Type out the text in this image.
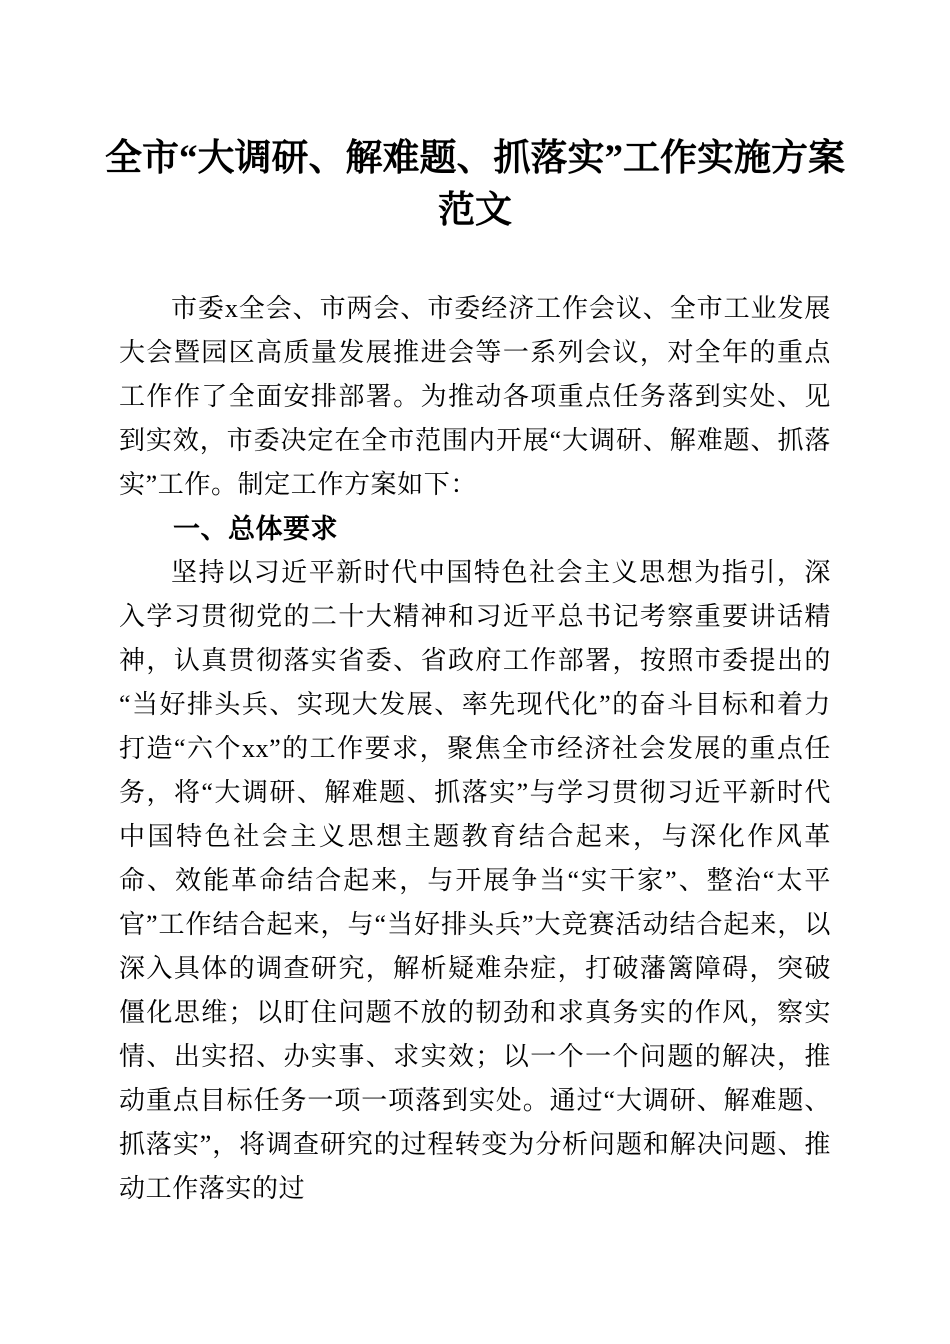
全市“大调研、解难题、抓落实”工作实施方案范文

市委x全会、市两会、市委经济工作会议、全市工业发展大会暨园区高质量发展推进会等一系列会议，对全年的重点工作作了全面安排部署。为推动各项重点任务落到实处、见到实效，市委决定在全市范围内开展“大调研、解难题、抓落实”工作。制定工作方案如下：

一、总体要求

坚持以习近平新时代中国特色社会主义思想为指引，深入学习贯彻党的二十大精神和习近平总书记考察重要讲话精神，认真贯彻落实省委、省政府工作部署，按照市委提出的“当好排头兵、实现大发展、率先现代化”的奋斗目标和着力打造“六个xx”的工作要求，聚焦全市经济社会发展的重点任务，将“大调研、解难题、抓落实”与学习贯彻习近平新时代中国特色社会主义思想主题教育结合起来，与深化作风革命、效能革命结合起来，与开展争当“实干家”、整治“太平官”工作结合起来，与“当好排头兵”大竞赛活动结合起来，以深入具体的调查研究，解析疑难杂症，打破藩篱障碍，突破僵化思维；以盯住问题不放的韧劲和求真务实的作风，察实情、出实招、办实事、求实效；以一个一个问题的解决，推动重点目标任务一项一项落到实处。通过“大调研、解难题、抓落实”，将调查研究的过程转变为分析问题和解决问题、推动工作落实的过
